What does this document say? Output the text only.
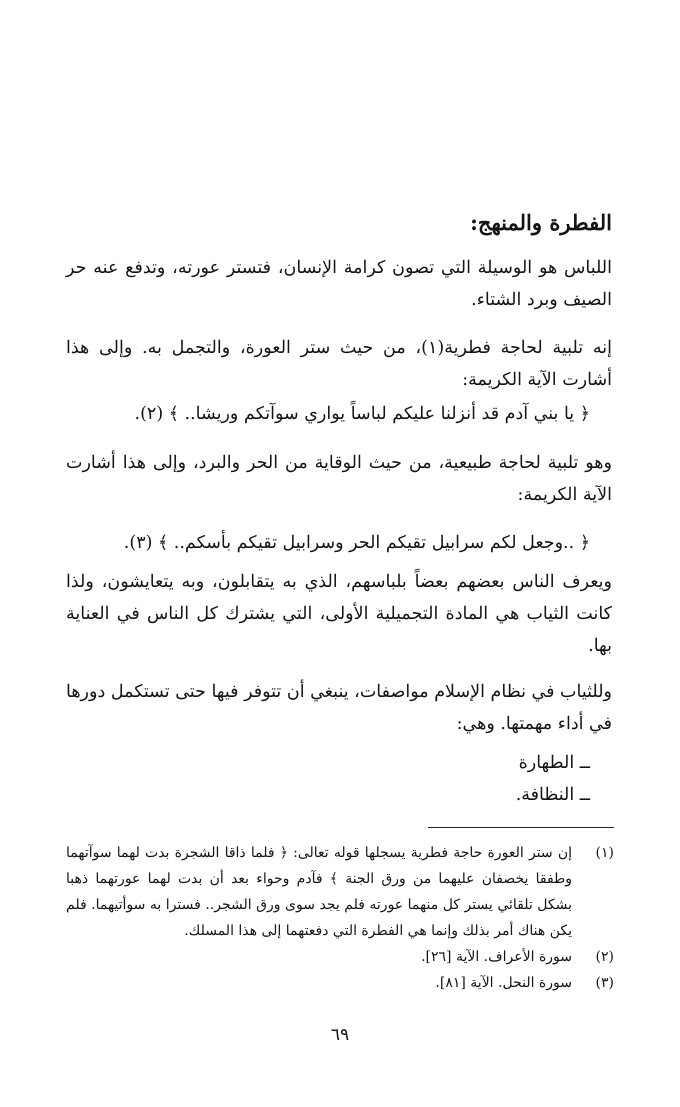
الفطرة والمنهج:
اللباس هو الوسيلة التي تصون كرامة الإنسان، فتستر عورته، وتدفع عنه حر الصيف وبرد الشتاء.
إنه تلبية لحاجة فطرية(١)، من حيث ستر العورة، والتجمل به. وإلى هذا أشارت الآية الكريمة:
﴿ يا بني آدم قد أنزلنا عليكم لباساً يواري سوآتكم وريشا.. ﴾ (٢).
وهو تلبية لحاجة طبيعية، من حيث الوقاية من الحر والبرد، وإلى هذا أشارت الآية الكريمة:
﴿ ..وجعل لكم سرابيل تقيكم الحر وسرابيل تقيكم بأسكم.. ﴾ (٣).
ويعرف الناس بعضهم بعضاً بلباسهم، الذي به يتقابلون، وبه يتعايشون، ولذا كانت الثياب هي المادة التجميلية الأولى، التي يشترك كل الناس في العناية بها.
وللثياب في نظام الإسلام مواصفات، ينبغي أن تتوفر فيها حتى تستكمل دورها في أداء مهمتها. وهي:
ــ الطهارة
ــ النظافة.
(١)
إن ستر العورة حاجة فطرية يسجلها قوله تعالى: ﴿ فلما ذاقا الشجرة بدت لهما سوآتهما وطفقا يخصفان عليهما من ورق الجنة ﴾ فآدم وحواء بعد أن بدت لهما عورتهما ذهبا بشكل تلقائي يستر كل منهما عورته فلم يجد سوى ورق الشجر.. فسترا به سوأتيهما. فلم يكن هناك أمر بذلك وإنما هي الفطرة التي دفعتهما إلى هذا المسلك.
(٢)
سورة الأعراف. الآية [٢٦].
(٣)
سورة النحل. الآية [٨١].
٦٩
